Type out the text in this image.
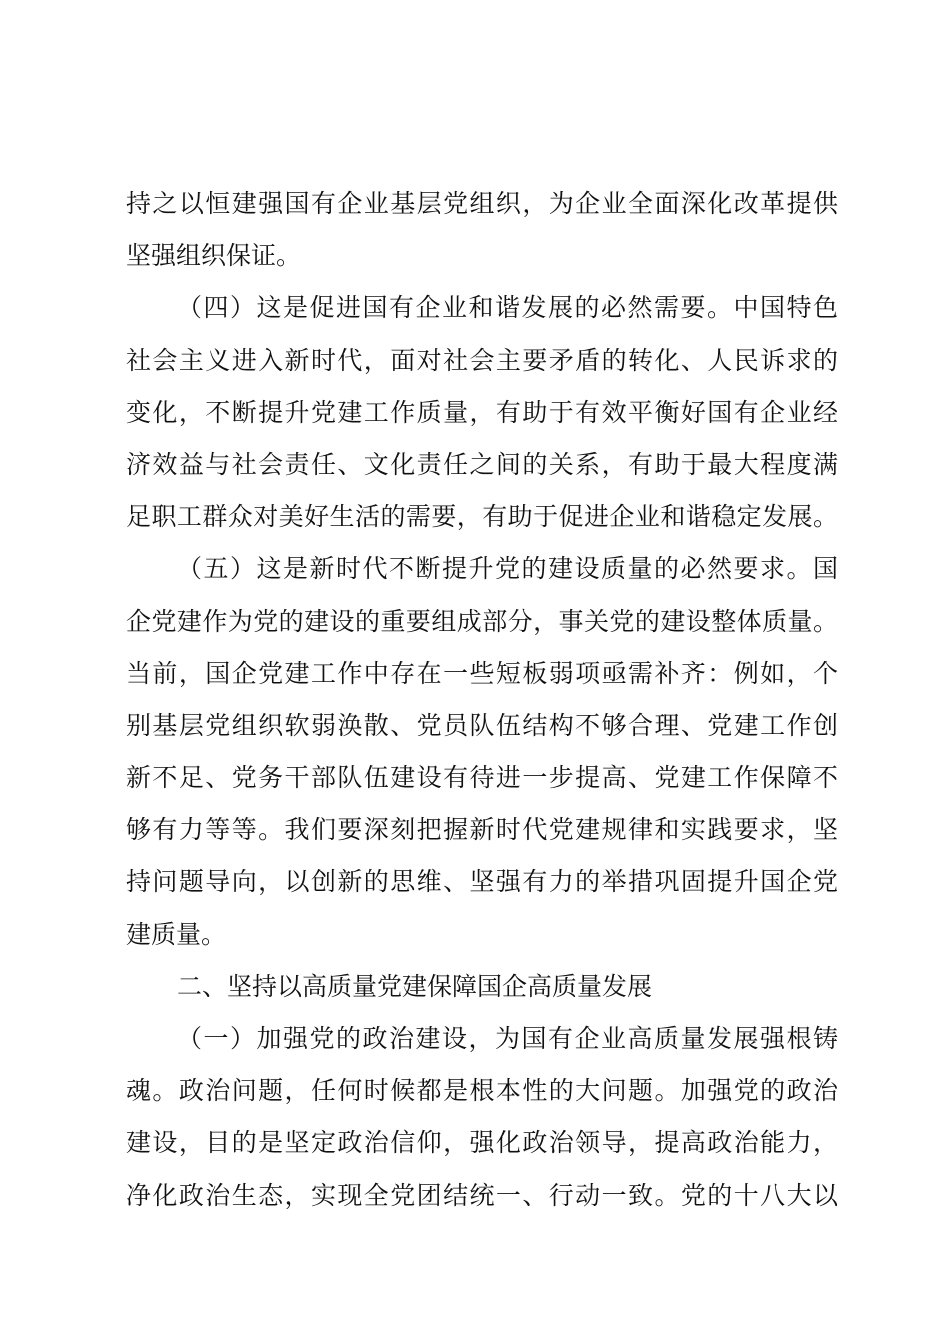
持之以恒建强国有企业基层党组织，为企业全面深化改革提供
坚强组织保证。
（四）这是促进国有企业和谐发展的必然需要。中国特色
社会主义进入新时代，面对社会主要矛盾的转化、人民诉求的
变化，不断提升党建工作质量，有助于有效平衡好国有企业经
济效益与社会责任、文化责任之间的关系，有助于最大程度满
足职工群众对美好生活的需要，有助于促进企业和谐稳定发展。
（五）这是新时代不断提升党的建设质量的必然要求。国
企党建作为党的建设的重要组成部分，事关党的建设整体质量。
当前，国企党建工作中存在一些短板弱项亟需补齐：例如，个
别基层党组织软弱涣散、党员队伍结构不够合理、党建工作创
新不足、党务干部队伍建设有待进一步提高、党建工作保障不
够有力等等。我们要深刻把握新时代党建规律和实践要求，坚
持问题导向，以创新的思维、坚强有力的举措巩固提升国企党
建质量。
二、坚持以高质量党建保障国企高质量发展
（一）加强党的政治建设，为国有企业高质量发展强根铸
魂。政治问题，任何时候都是根本性的大问题。加强党的政治
建设，目的是坚定政治信仰，强化政治领导，提高政治能力，
净化政治生态，实现全党团结统一、行动一致。党的十八大以
